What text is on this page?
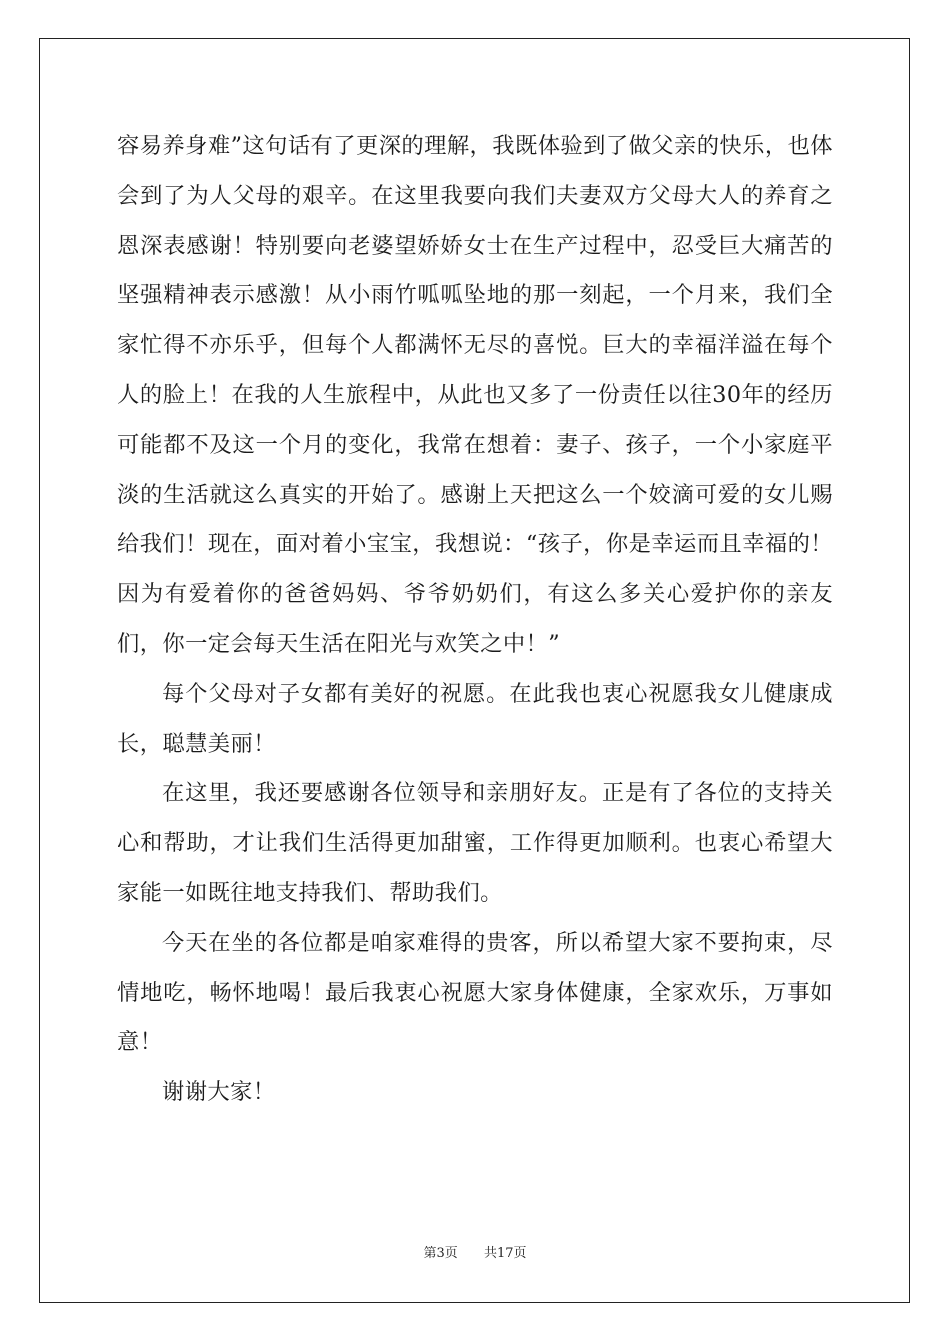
容易养身难”这句话有了更深的理解，我既体验到了做父亲的快乐，也体会到了为人父母的艰辛。在这里我要向我们夫妻双方父母大人的养育之恩深表感谢！特别要向老婆望娇娇女士在生产过程中，忍受巨大痛苦的坚强精神表示感激！从小雨竹呱呱坠地的那一刻起，一个月来，我们全家忙得不亦乐乎，但每个人都满怀无尽的喜悦。巨大的幸福洋溢在每个人的脸上！在我的人生旅程中，从此也又多了一份责任以往30年的经历可能都不及这一个月的变化，我常在想着：妻子、孩子，一个小家庭平淡的生活就这么真实的开始了。感谢上天把这么一个姣滴可爱的女儿赐给我们！现在，面对着小宝宝，我想说：“孩子，你是幸运而且幸福的！因为有爱着你的爸爸妈妈、爷爷奶奶们，有这么多关心爱护你的亲友们，你一定会每天生活在阳光与欢笑之中！”

每个父母对子女都有美好的祝愿。在此我也衷心祝愿我女儿健康成长，聪慧美丽！

在这里，我还要感谢各位领导和亲朋好友。正是有了各位的支持关心和帮助，才让我们生活得更加甜蜜，工作得更加顺利。也衷心希望大家能一如既往地支持我们、帮助我们。

今天在坐的各位都是咱家难得的贵客，所以希望大家不要拘束，尽情地吃，畅怀地喝！最后我衷心祝愿大家身体健康，全家欢乐，万事如意！

谢谢大家！

第3页 共17页
